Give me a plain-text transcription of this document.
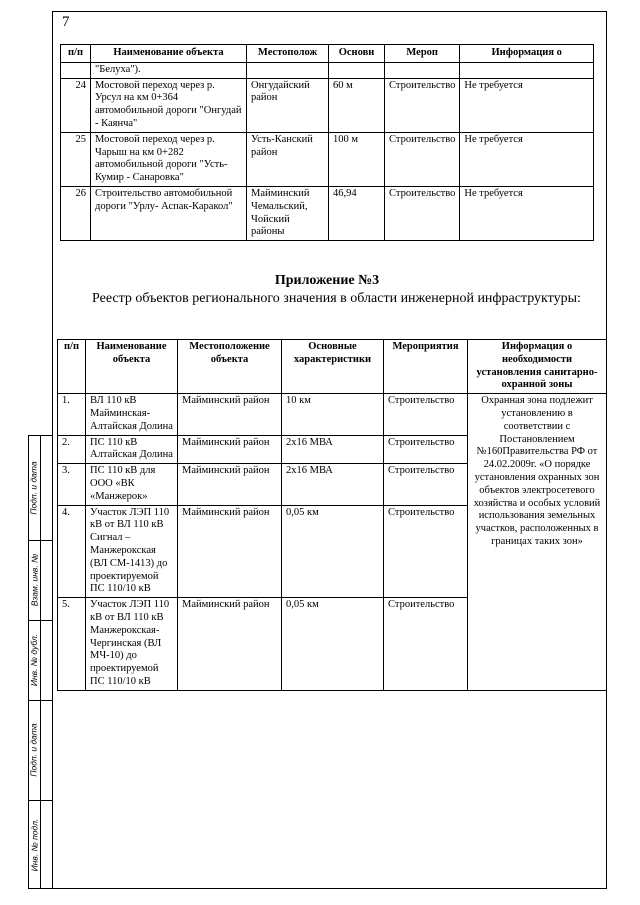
7
Подп. и дата
Взам. инв. №
Инв. № дубл.
Подп. и дата
Инв. № подл.
п/п	Наименование объекта	Местополож	Основн	Мероп	Информация о
	"Белуха").				
24	Мостовой переход через р. Урсул на км 0+364 автомобильной дороги "Онгудай - Каянча"	Онгудайский район	60 м	Строительство	Не требуется
25	Мостовой переход через р. Чарыш на км 0+282 автомобильной дороги "Усть-Кумир - Санаровка"	Усть-Канский район	100 м	Строительство	Не требуется
26	Строительство автомобильной дороги "Урлу- Аспак-Каракол"	Майминский Чемальский, Чойский районы	46,94	Строительство	Не требуется
Приложение №3
Реестр объектов регионального значения в области инженерной инфраструктуры:
п/п	Наименование объекта	Местоположение объекта	Основные характеристики	Мероприятия	Информация о необходимости установления санитарно-охранной зоны
1.	ВЛ 110 кВ Майминская-Алтайская Долина	Майминский район	10 км	Строительство	Охранная зона подлежит установлению в соответствии с Постановлением №160Правительства РФ от 24.02.2009г. «О порядке установления охранных зон объектов электросетевого хозяйства и особых условий использования земельных участков, расположенных в границах таких зон»
2.	ПС 110 кВ Алтайская Долина	Майминский район	2х16 МВА	Строительство	
3.	ПС 110 кВ для ООО «ВК «Манжерок»	Майминский район	2х16 МВА	Строительство	
4.	Участок ЛЭП 110 кВ от ВЛ 110 кВ Сигнал – Манжерокская (ВЛ СМ-1413) до проектируемой ПС 110/10 кВ	Майминский район	0,05 км	Строительство	
5.	Участок ЛЭП 110 кВ от ВЛ 110 кВ Манжерокская-Чергинская (ВЛ МЧ-10) до проектируемой ПС 110/10 кВ	Майминский район	0,05 км	Строительство	
